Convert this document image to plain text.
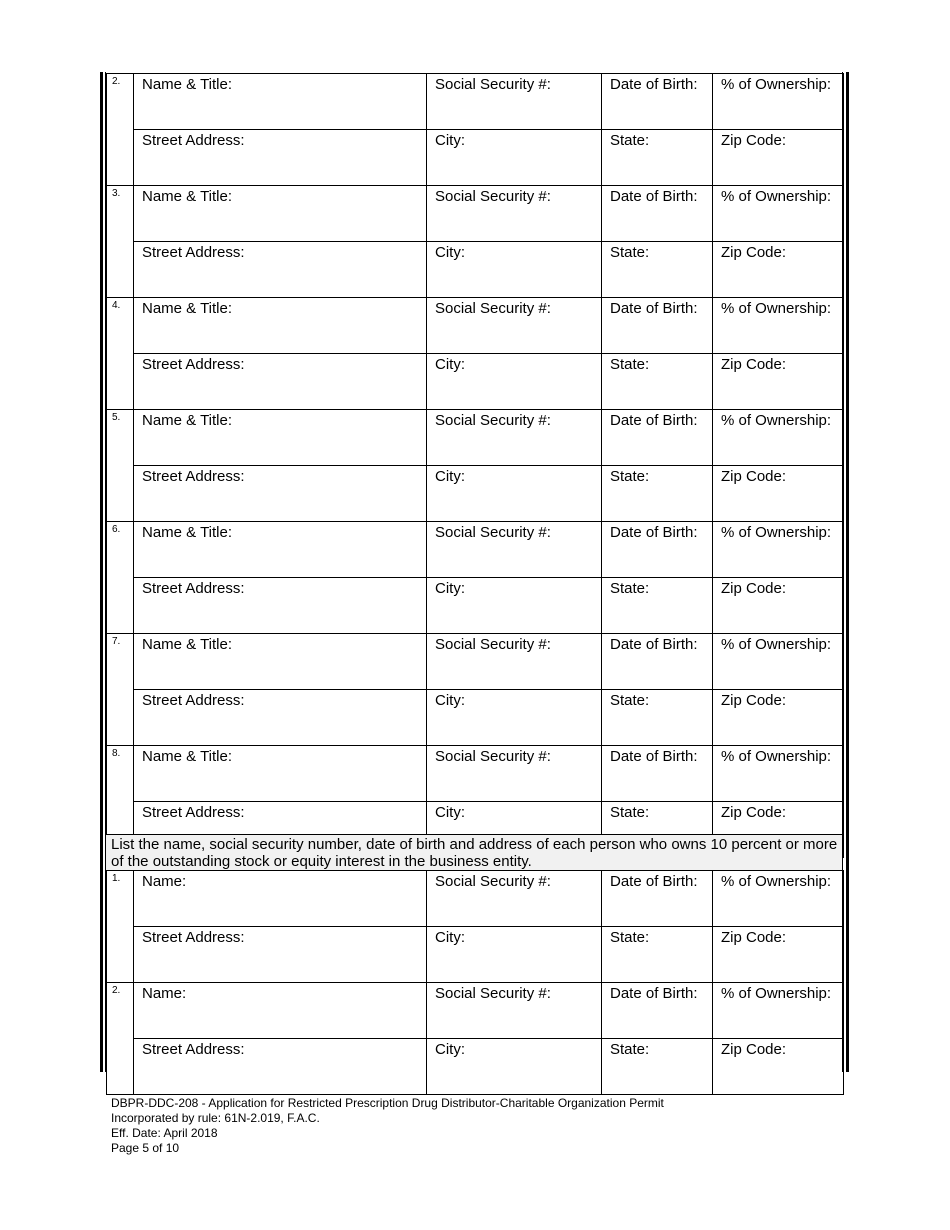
2.	Name & Title:	Social Security #:	Date of Birth:	% of Ownership:
	Street Address:	City:	State:	Zip Code:
3.	Name & Title:	Social Security #:	Date of Birth:	% of Ownership:
	Street Address:	City:	State:	Zip Code:
4.	Name & Title:	Social Security #:	Date of Birth:	% of Ownership:
	Street Address:	City:	State:	Zip Code:
5.	Name & Title:	Social Security #:	Date of Birth:	% of Ownership:
	Street Address:	City:	State:	Zip Code:
6.	Name & Title:	Social Security #:	Date of Birth:	% of Ownership:
	Street Address:	City:	State:	Zip Code:
7.	Name & Title:	Social Security #:	Date of Birth:	% of Ownership:
	Street Address:	City:	State:	Zip Code:
8.	Name & Title:	Social Security #:	Date of Birth:	% of Ownership:
	Street Address:	City:	State:	Zip Code:
List the name, social security number, date of birth and address of each person who owns 10 percent or more of the outstanding stock or equity interest in the business entity.
1.	Name:	Social Security #:	Date of Birth:	% of Ownership:
	Street Address:	City:	State:	Zip Code:
2.	Name:	Social Security #:	Date of Birth:	% of Ownership:
	Street Address:	City:	State:	Zip Code:
DBPR-DDC-208 - Application for Restricted Prescription Drug Distributor-Charitable Organization Permit
Incorporated by rule: 61N-2.019, F.A.C.
Eff. Date: April 2018
Page 5 of 10
